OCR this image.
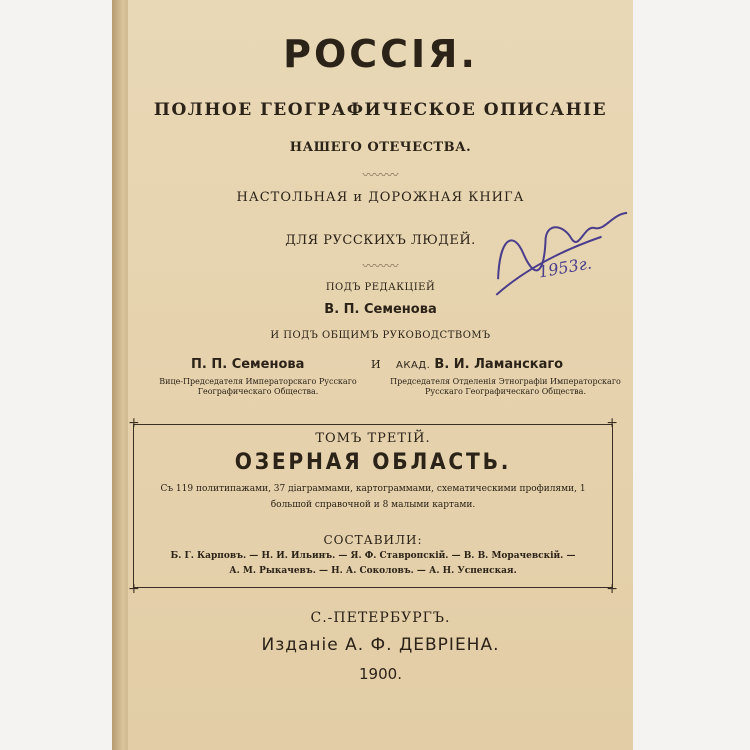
РОССІЯ.
ПОЛНОЕ ГЕОГРАФИЧЕСКОЕ ОПИСАНІЕ
НАШЕГО ОТЕЧЕСТВА.
〰〰〰
НАСТОЛЬНАЯ и ДОРОЖНАЯ КНИГА
ДЛЯ РУССКИХЪ ЛЮДЕЙ.
〰〰〰
ПОДЪ РЕДАКЦІЕЙ
В. П. Семенова
И ПОДЪ ОБЩИМЪ РУКОВОДСТВОМЪ
П. П. Семенова	И АКАД. В. И. Ламанскаго
Вице-Председателя Императорскаго Русскаго Географическаго Общества.
Председателя Отделенія Этнографіи Императорскаго Русскаго Географическаго Общества.
+	+
+	+
ТОМЪ ТРЕТІЙ.
ОЗЕРНАЯ ОБЛАСТЬ.
Съ 119 политипажами, 37 діаграммами, картограммами, схематическими профилями, 1 большой справочной и 8 малыми картами.
СОСТАВИЛИ:
Б. Г. Карповъ. — Н. И. Ильинъ. — Я. Ф. Ставропскій. — В. В. Морачевскій. —
А. М. Рыкачевъ. — Н. А. Соколовъ. — А. Н. Успенская.
С.-ПЕТЕРБУРГЪ.
Изданіе А. Ф. ДЕВРІЕНА.
1900.
1953г.
